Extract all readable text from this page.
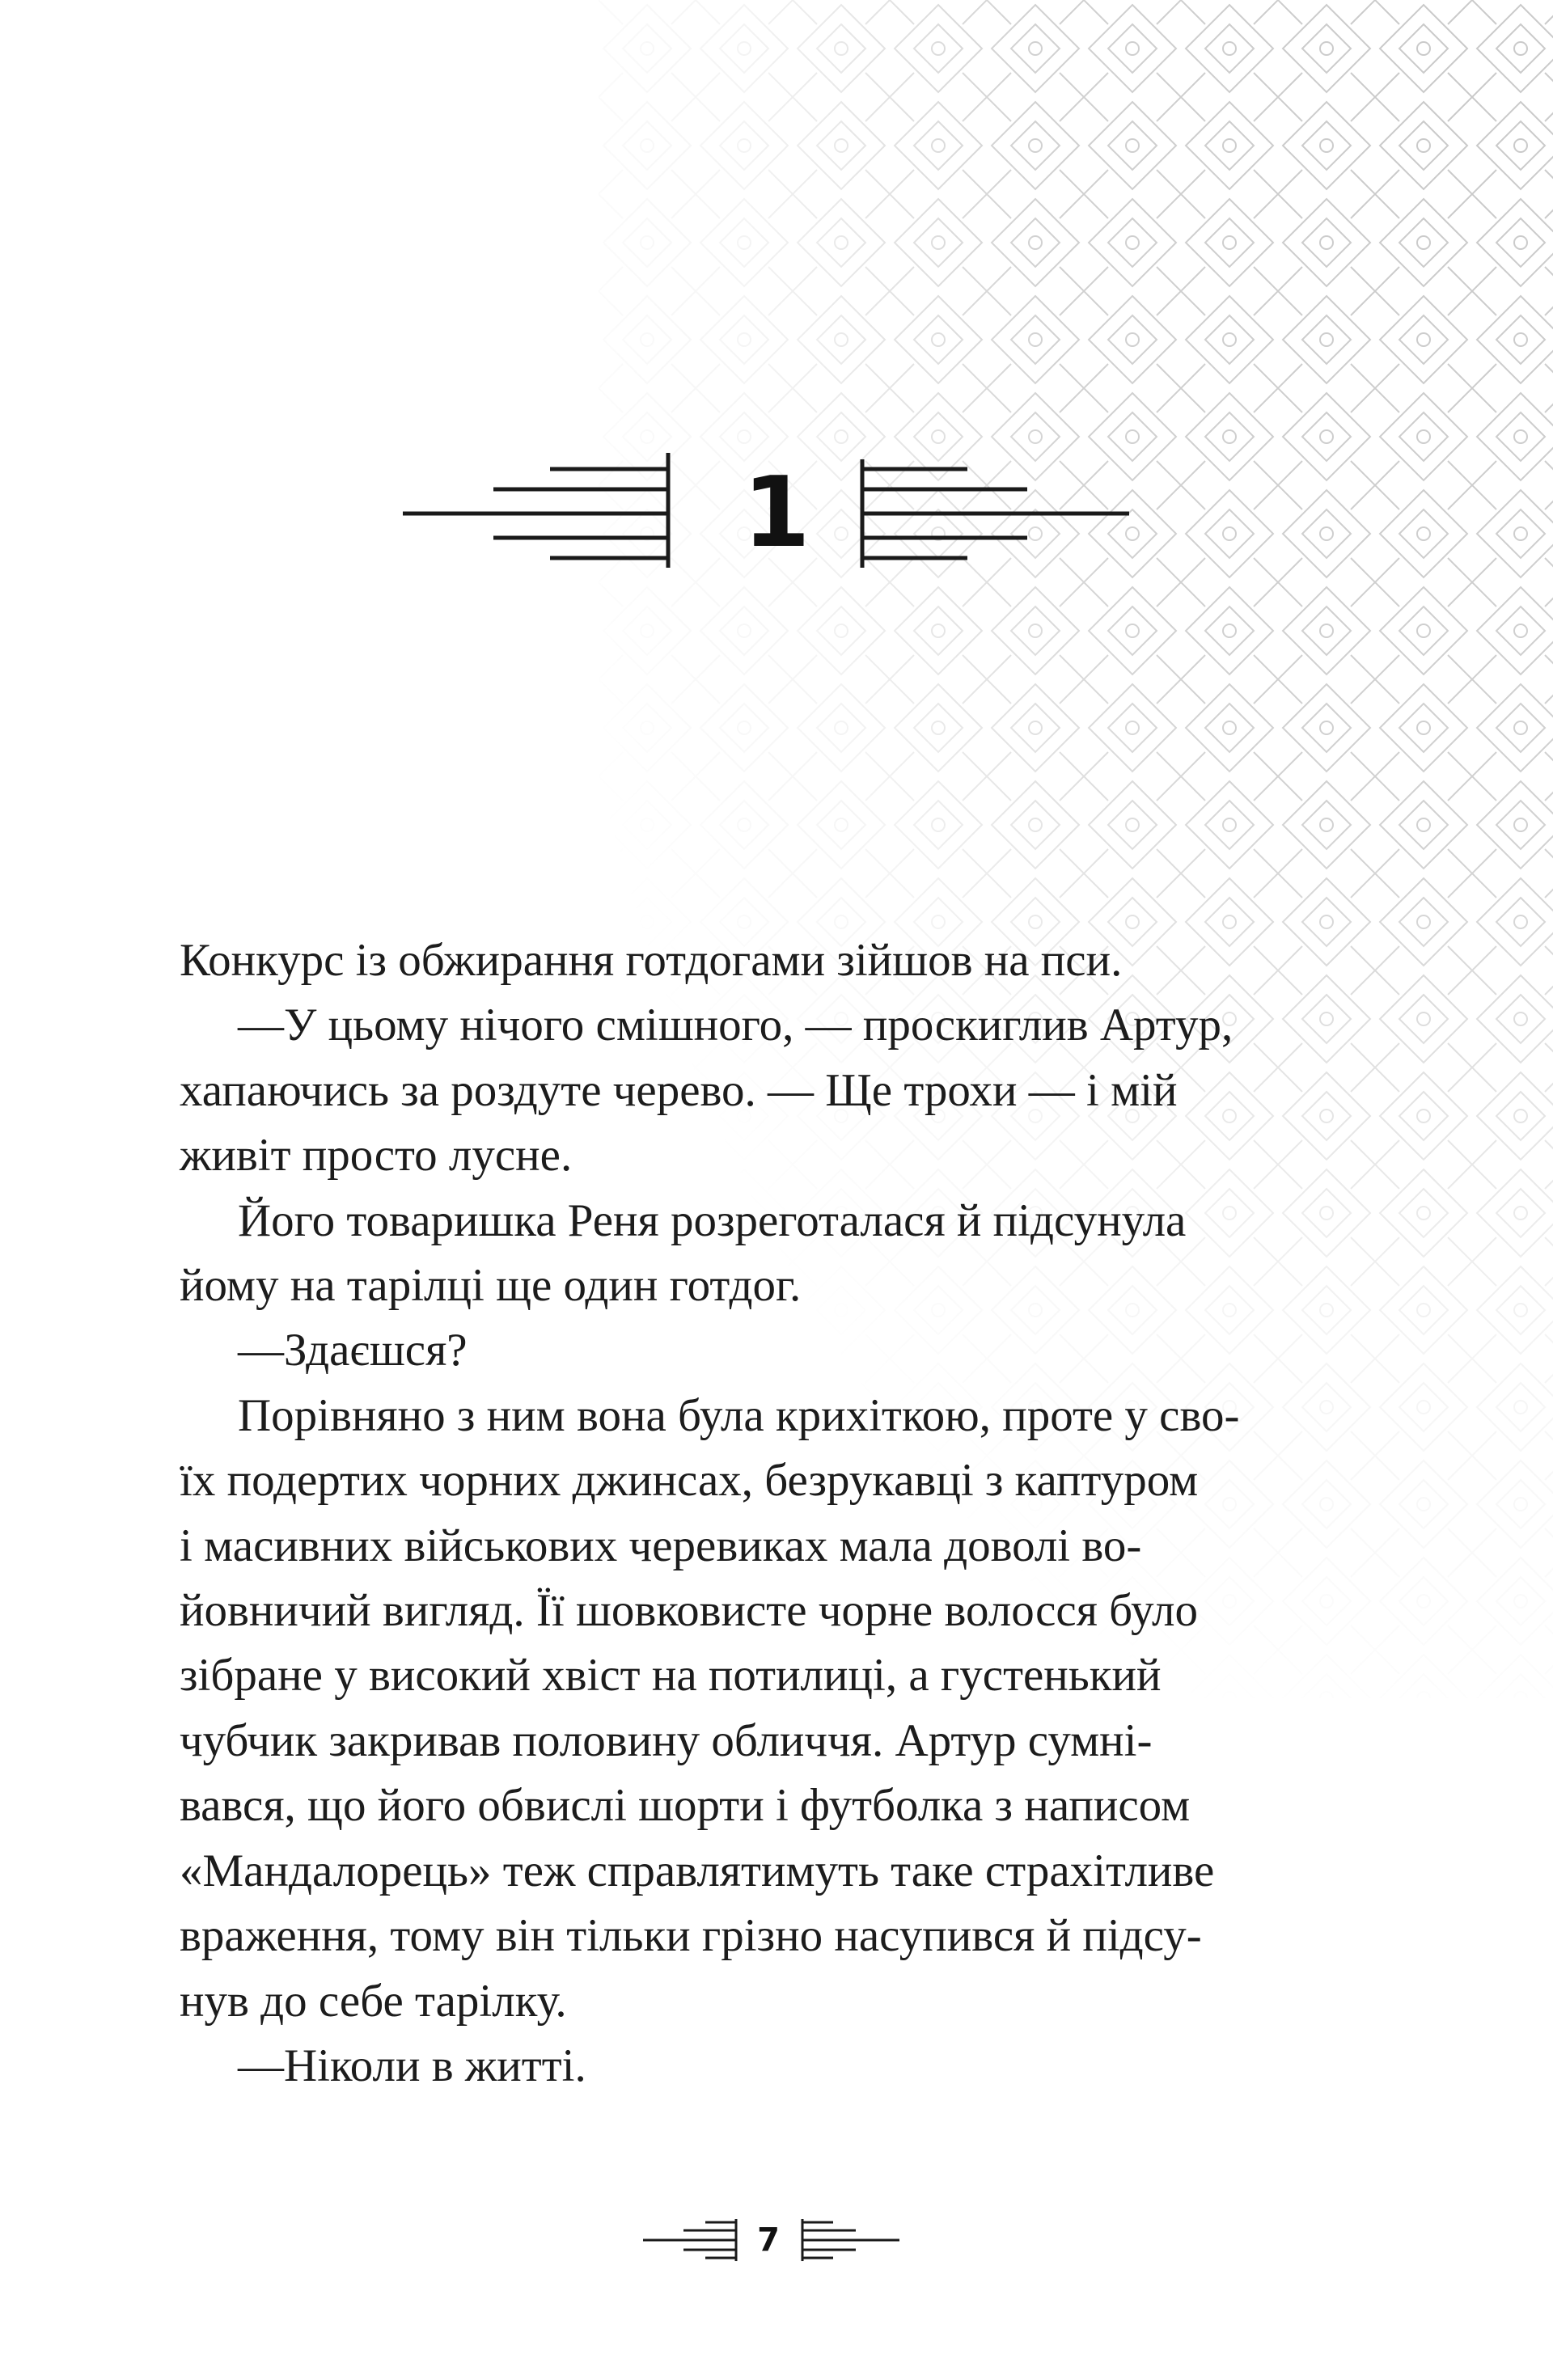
1

Конкурс із обжирання готдогами зійшов на пси.

—У цьому нічого смішного, — проскиглив Артур,

хапаючись за роздуте черево. — Ще трохи — і мій

живіт просто лусне.

Його товаришка Реня розреготалася й підсунула

йому на тарілці ще один готдог.

—Здаєшся?

Порівняно з ним вона була крихіткою, проте у сво-

їх подертих чорних джинсах, безрукавці з каптуром

і масивних військових черевиках мала доволі во-

йовничий вигляд. Її шовковисте чорне волосся було

зібране у високий хвіст на потилиці, а густенький

чубчик закривав половину обличчя. Артур сумні-

вався, що його обвислі шорти і футболка з написом

«Мандалорець» теж справлятимуть таке страхітливе

враження, тому він тільки грізно насупився й підсу-

нув до себе тарілку.

—Ніколи в житті.

7
